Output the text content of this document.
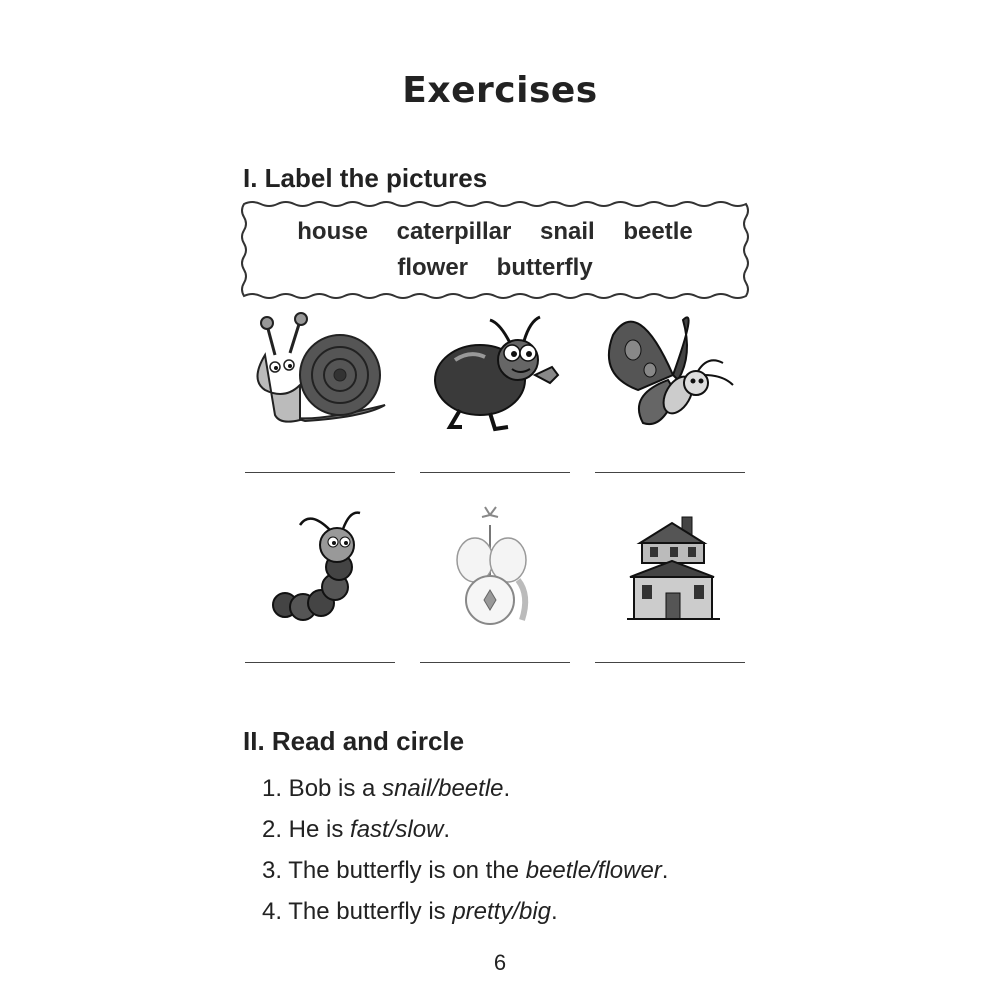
Exercises
I. Label the pictures
house caterpillar snail beetle
flower butterfly
II. Read and circle
1. Bob is a snail/beetle.
2. He is fast/slow.
3. The butterfly is on the beetle/flower.
4. The butterfly is pretty/big.
6
